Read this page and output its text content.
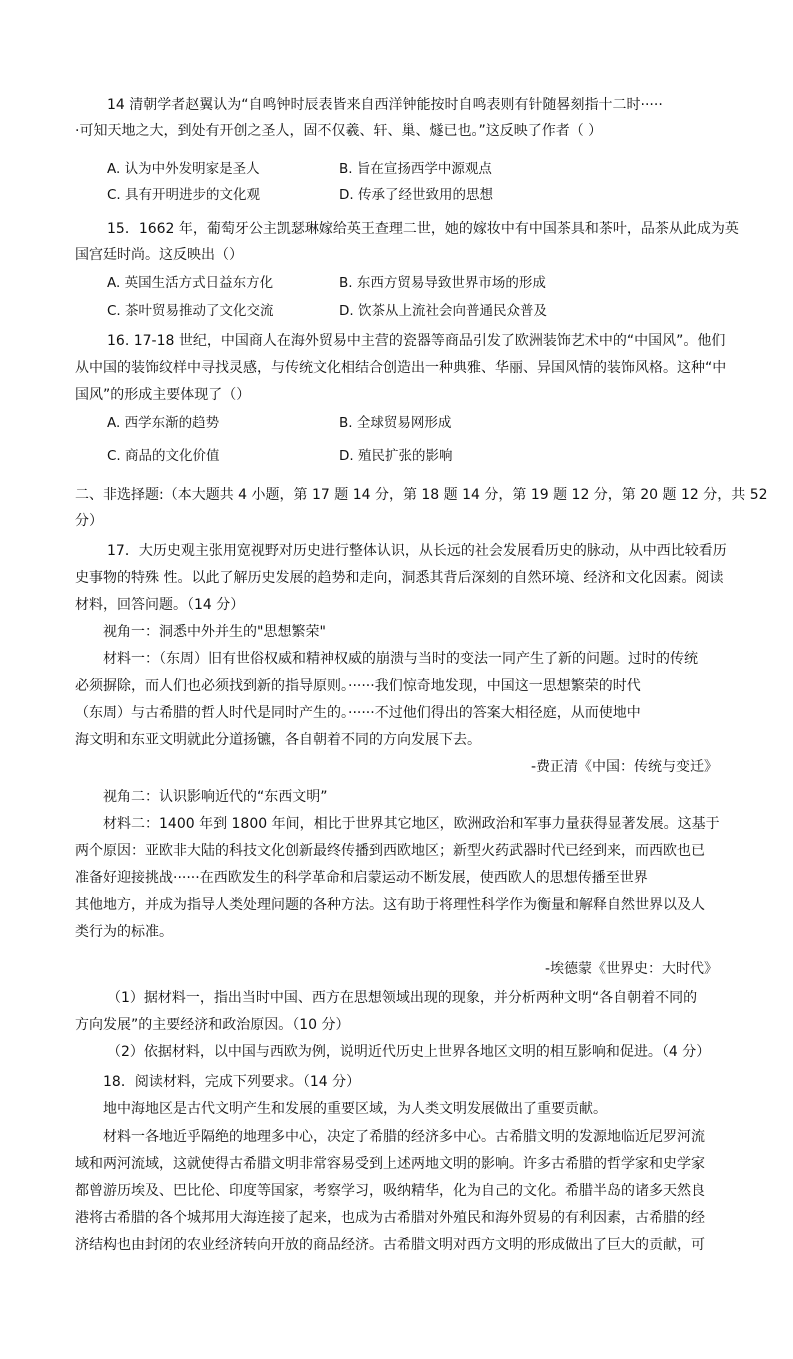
14 清朝学者赵翼认为“自鸣钟时辰表皆来自西洋钟能按时自鸣表则有针随晷刻指十二时·····
·可知天地之大，到处有开创之圣人，固不仅羲、轩、巢、燧已也。”这反映了作者（ ）
A. 认为中外发明家是圣人	B. 旨在宣扬西学中源观点
C. 具有开明进步的文化观	D. 传承了经世致用的思想
15．1662 年，葡萄牙公主凯瑟琳嫁给英王查理二世，她的嫁妆中有中国茶具和茶叶，品茶从此成为英
国宫廷时尚。这反映出（）
A. 英国生活方式日益东方化	B. 东西方贸易导致世界市场的形成
C. 茶叶贸易推动了文化交流	D. 饮茶从上流社会向普通民众普及
16. 17-18 世纪，中国商人在海外贸易中主营的瓷器等商品引发了欧洲装饰艺术中的“中国风”。他们
从中国的装饰纹样中寻找灵感，与传统文化相结合创造出一种典雅、华丽、异国风情的装饰风格。这种“中
国风”的形成主要体现了（）
A. 西学东渐的趋势	B. 全球贸易网形成
C. 商品的文化价值	D. 殖民扩张的影响
二、非选择题:（本大题共 4 小题，第 17 题 14 分，第 18 题 14 分，第 19 题 12 分，第 20 题 12 分，共 52
分）
17．大历史观主张用宽视野对历史进行整体认识，从长远的社会发展看历史的脉动，从中西比较看历
史事物的特殊 性。以此了解历史发展的趋势和走向，洞悉其背后深刻的自然环境、经济和文化因素。阅读
材料，回答问题。（14 分）
视角一：洞悉中外并生的"思想繁荣"
材料一：（东周）旧有世俗权威和精神权威的崩溃与当时的变法一同产生了新的问题。过时的传统
必须摒除，而人们也必须找到新的指导原则。······我们惊奇地发现，中国这一思想繁荣的时代
（东周）与古希腊的哲人时代是同时产生的。······不过他们得出的答案大相径庭，从而使地中
海文明和东亚文明就此分道扬镳，各自朝着不同的方向发展下去。
-费正清《中国：传统与变迁》
视角二：认识影响近代的“东西文明”
材料二：1400 年到 1800 年间，相比于世界其它地区，欧洲政治和军事力量获得显著发展。这基于
两个原因：亚欧非大陆的科技文化创新最终传播到西欧地区；新型火药武器时代已经到来，而西欧也已
准备好迎接挑战······在西欧发生的科学革命和启蒙运动不断发展，使西欧人的思想传播至世界
其他地方，并成为指导人类处理问题的各种方法。这有助于将理性科学作为衡量和解释自然世界以及人
类行为的标准。
-埃德蒙《世界史：大时代》
（1）据材料一，指出当时中国、西方在思想领域出现的现象，并分析两种文明“各自朝着不同的
方向发展”的主要经济和政治原因。（10 分）
（2）依据材料，以中国与西欧为例，说明近代历史上世界各地区文明的相互影响和促进。（4 分）
18．阅读材料，完成下列要求。（14 分）
地中海地区是古代文明产生和发展的重要区域，为人类文明发展做出了重要贡献。
材料一各地近乎隔绝的地理多中心，决定了希腊的经济多中心。古希腊文明的发源地临近尼罗河流
域和两河流域，这就使得古希腊文明非常容易受到上述两地文明的影响。许多古希腊的哲学家和史学家
都曾游历埃及、巴比伦、印度等国家，考察学习，吸纳精华，化为自己的文化。希腊半岛的诸多天然良
港将古希腊的各个城邦用大海连接了起来，也成为古希腊对外殖民和海外贸易的有利因素，古希腊的经
济结构也由封闭的农业经济转向开放的商品经济。古希腊文明对西方文明的形成做出了巨大的贡献，可
